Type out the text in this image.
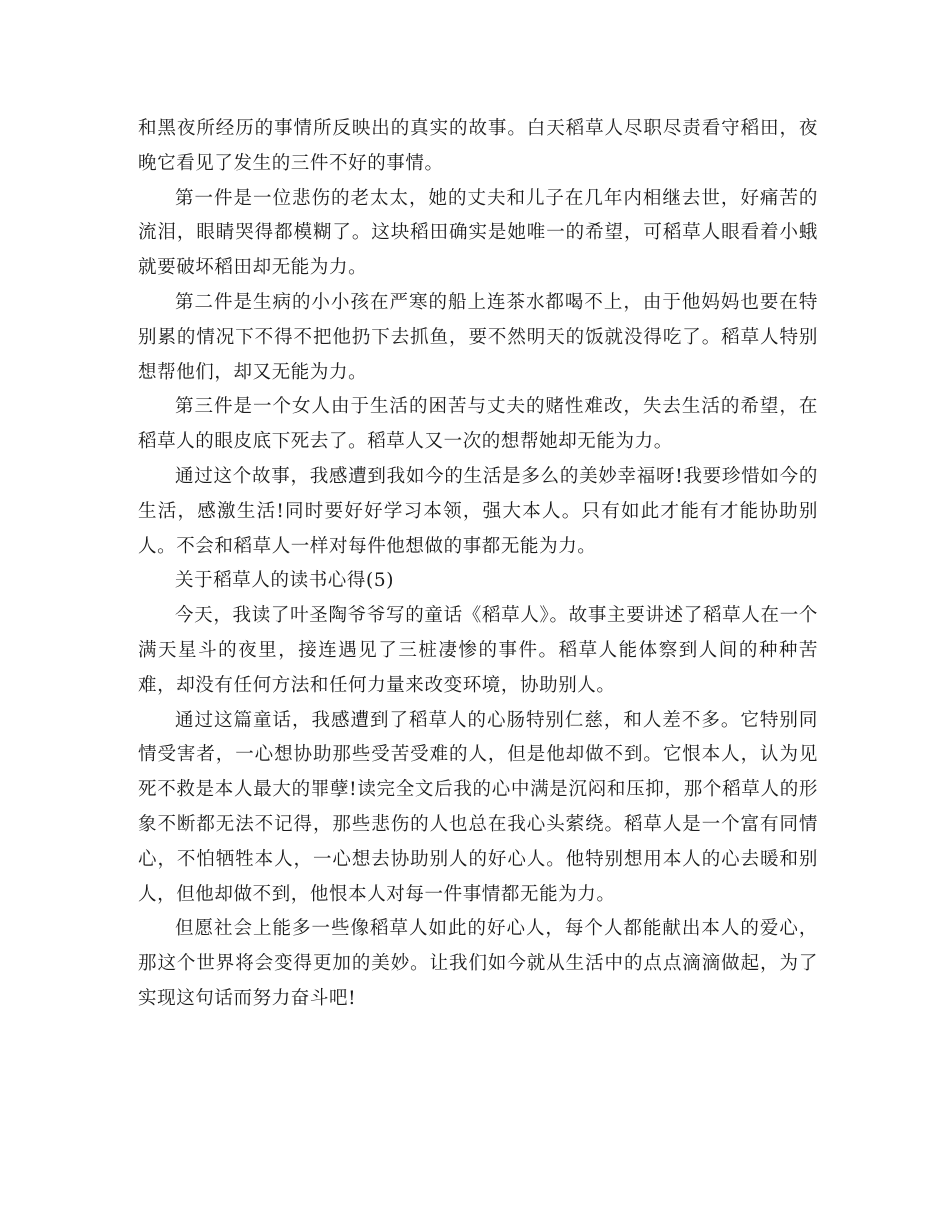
和黑夜所经历的事情所反映出的真实的故事。白天稻草人尽职尽责看守稻田，夜晚它看见了发生的三件不好的事情。

第一件是一位悲伤的老太太，她的丈夫和儿子在几年内相继去世，好痛苦的流泪，眼睛哭得都模糊了。这块稻田确实是她唯一的希望，可稻草人眼看着小蛾就要破坏稻田却无能为力。

第二件是生病的小小孩在严寒的船上连茶水都喝不上，由于他妈妈也要在特别累的情况下不得不把他扔下去抓鱼，要不然明天的饭就没得吃了。稻草人特别想帮他们，却又无能为力。

第三件是一个女人由于生活的困苦与丈夫的赌性难改，失去生活的希望，在稻草人的眼皮底下死去了。稻草人又一次的想帮她却无能为力。

通过这个故事，我感遭到我如今的生活是多么的美妙幸福呀!我要珍惜如今的生活，感激生活!同时要好好学习本领，强大本人。只有如此才能有才能协助别人。不会和稻草人一样对每件他想做的事都无能为力。

关于稻草人的读书心得(5)

今天，我读了叶圣陶爷爷写的童话《稻草人》。故事主要讲述了稻草人在一个满天星斗的夜里，接连遇见了三桩凄惨的事件。稻草人能体察到人间的种种苦难，却没有任何方法和任何力量来改变环境，协助别人。

通过这篇童话，我感遭到了稻草人的心肠特别仁慈，和人差不多。它特别同情受害者，一心想协助那些受苦受难的人，但是他却做不到。它恨本人，认为见死不救是本人最大的罪孽!读完全文后我的心中满是沉闷和压抑，那个稻草人的形象不断都无法不记得，那些悲伤的人也总在我心头萦绕。稻草人是一个富有同情心，不怕牺牲本人，一心想去协助别人的好心人。他特别想用本人的心去暖和别人，但他却做不到，他恨本人对每一件事情都无能为力。

但愿社会上能多一些像稻草人如此的好心人，每个人都能献出本人的爱心，那这个世界将会变得更加的美妙。让我们如今就从生活中的点点滴滴做起，为了实现这句话而努力奋斗吧!
